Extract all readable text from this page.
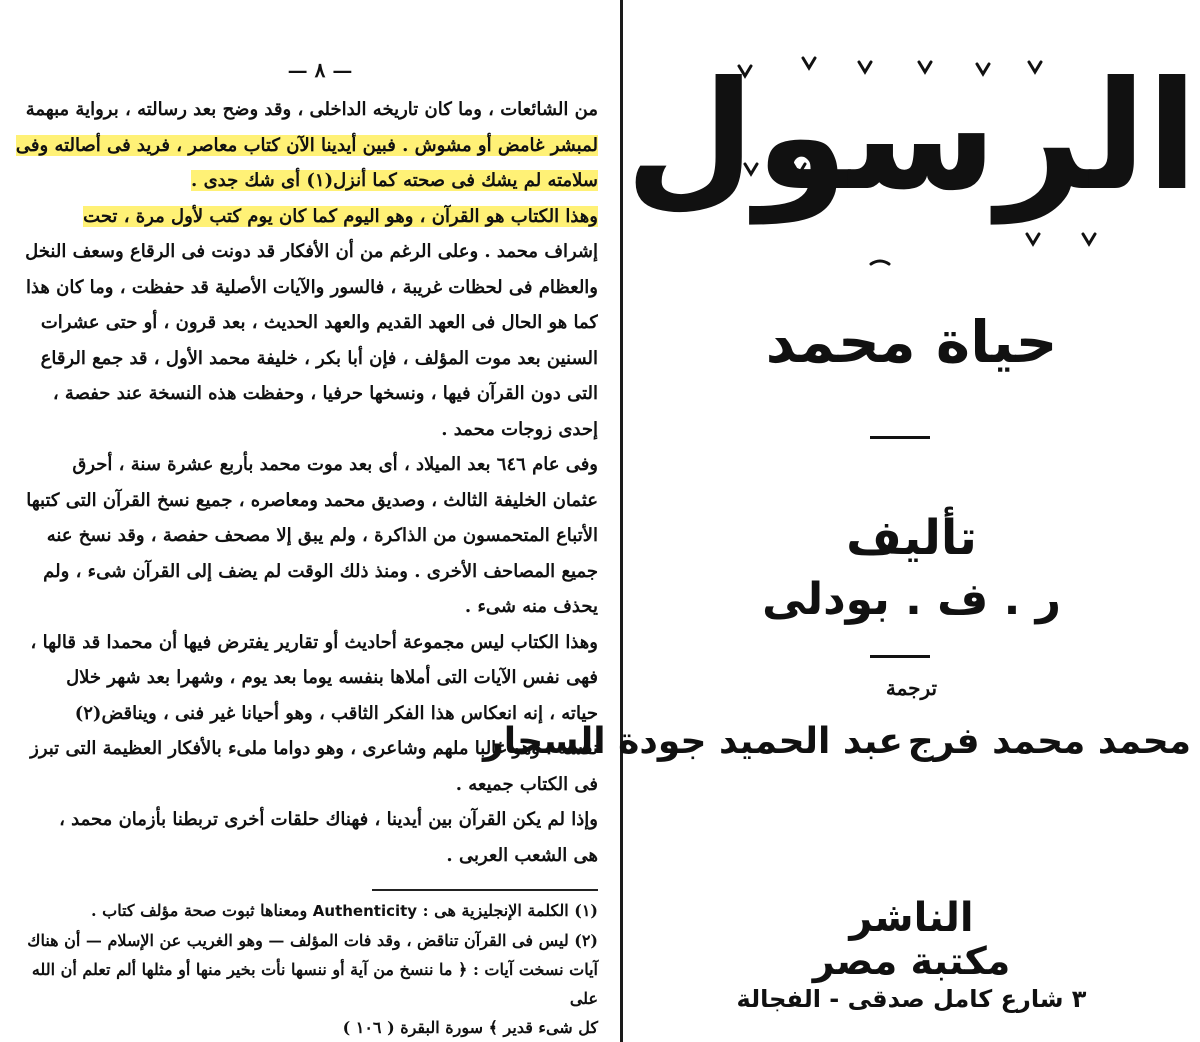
— ٨ —

من الشائعات ، وما كان تاريخه الداخلى ، وقد وضح بعد رسالته ، برواية مبهمة
لمبشر غامض أو مشوش . فبين أيدينا الآن كتاب معاصر ، فريد فى أصالته وفى
سلامته لم يشك فى صحته كما أنزل(١) أى شك جدى .

وهذا الكتاب هو القرآن ، وهو اليوم كما كان يوم كتب لأول مرة ، تحت
إشراف محمد . وعلى الرغم من أن الأفكار قد دونت فى الرقاع وسعف النخل
والعظام فى لحظات غريبة ، فالسور والآيات الأصلية قد حفظت ، وما كان هذا
كما هو الحال فى العهد القديم والعهد الحديث ، بعد قرون ، أو حتى عشرات
السنين بعد موت المؤلف ، فإن أبا بكر ، خليفة محمد الأول ، قد جمع الرقاع
التى دون القرآن فيها ، ونسخها حرفيا ، وحفظت هذه النسخة عند حفصة ،
إحدى زوجات محمد .

وفى عام ٦٤٦ بعد الميلاد ، أى بعد موت محمد بأربع عشرة سنة ، أحرق
عثمان الخليفة الثالث ، وصديق محمد ومعاصره ، جميع نسخ القرآن التى كتبها
الأتباع المتحمسون من الذاكرة ، ولم يبق إلا مصحف حفصة ، وقد نسخ عنه
جميع المصاحف الأخرى . ومنذ ذلك الوقت لم يضف إلى القرآن شىء ، ولم
يحذف منه شىء .

وهذا الكتاب ليس مجموعة أحاديث أو تقارير يفترض فيها أن محمدا قد قالها ،
فهى نفس الآيات التى أملاها بنفسه يوما بعد يوم ، وشهرا بعد شهر خلال
حياته ، إنه انعكاس هذا الفكر الثاقب ، وهو أحيانا غير فنى ، ويناقض(٢)
نفسه ، وهو غالبا ملهم وشاعرى ، وهو دواما ملىء بالأفكار العظيمة التى تبرز
فى الكتاب جميعه .

وإذا لم يكن القرآن بين أيدينا ، فهناك حلقات أخرى تربطنا بأزمان محمد ،
هى الشعب العربى .

(١) الكلمة الإنجليزية هى : Authenticity ومعناها ثبوت صحة مؤلف كتاب .

(٢) ليس فى القرآن تناقض ، وقد فات المؤلف — وهو الغريب عن الإسلام — أن هناك

آيات نسخت آيات : ﴿ ما ننسخ من آية أو ننسها نأت بخير منها أو مثلها ألم تعلم أن الله على

كل شىء قدير ﴾ سورة البقرة ( ١٠٦ )

الرسول
حياة محمد
تأليف
ر . ف . بودلى
ترجمة
محمد محمد فرج
عبد الحميد جودة السحار
الناشر
مكتبة مصر
٣ شارع كامل صدقى - الفجالة
